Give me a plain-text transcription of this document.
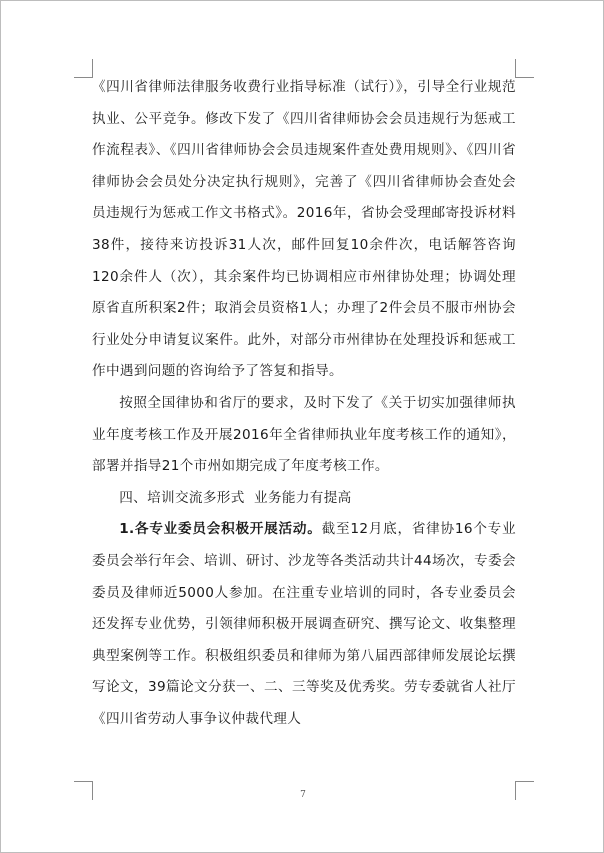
《四川省律师法律服务收费行业指导标准（试行）》，引导全行业规范执业、公平竞争。修改下发了《四川省律师协会会员违规行为惩戒工作流程表》、《四川省律师协会会员违规案件查处费用规则》、《四川省律师协会会员处分决定执行规则》，完善了《四川省律师协会查处会员违规行为惩戒工作文书格式》。2016年，省协会受理邮寄投诉材料38件，接待来访投诉31人次，邮件回复10余件次，电话解答咨询120余件人（次），其余案件均已协调相应市州律协处理；协调处理原省直所积案2件；取消会员资格1人；办理了2件会员不服市州协会行业处分申请复议案件。此外，对部分市州律协在处理投诉和惩戒工作中遇到问题的咨询给予了答复和指导。

按照全国律协和省厅的要求，及时下发了《关于切实加强律师执业年度考核工作及开展2016年全省律师执业年度考核工作的通知》，部署并指导21个市州如期完成了年度考核工作。

四、培训交流多形式  业务能力有提高

1.各专业委员会积极开展活动。截至12月底，省律协16个专业委员会举行年会、培训、研讨、沙龙等各类活动共计44场次，专委会委员及律师近5000人参加。在注重专业培训的同时，各专业委员会还发挥专业优势，引领律师积极开展调查研究、撰写论文、收集整理典型案例等工作。积极组织委员和律师为第八届西部律师发展论坛撰写论文，39篇论文分获一、二、三等奖及优秀奖。劳专委就省人社厅《四川省劳动人事争议仲裁代理人

7
